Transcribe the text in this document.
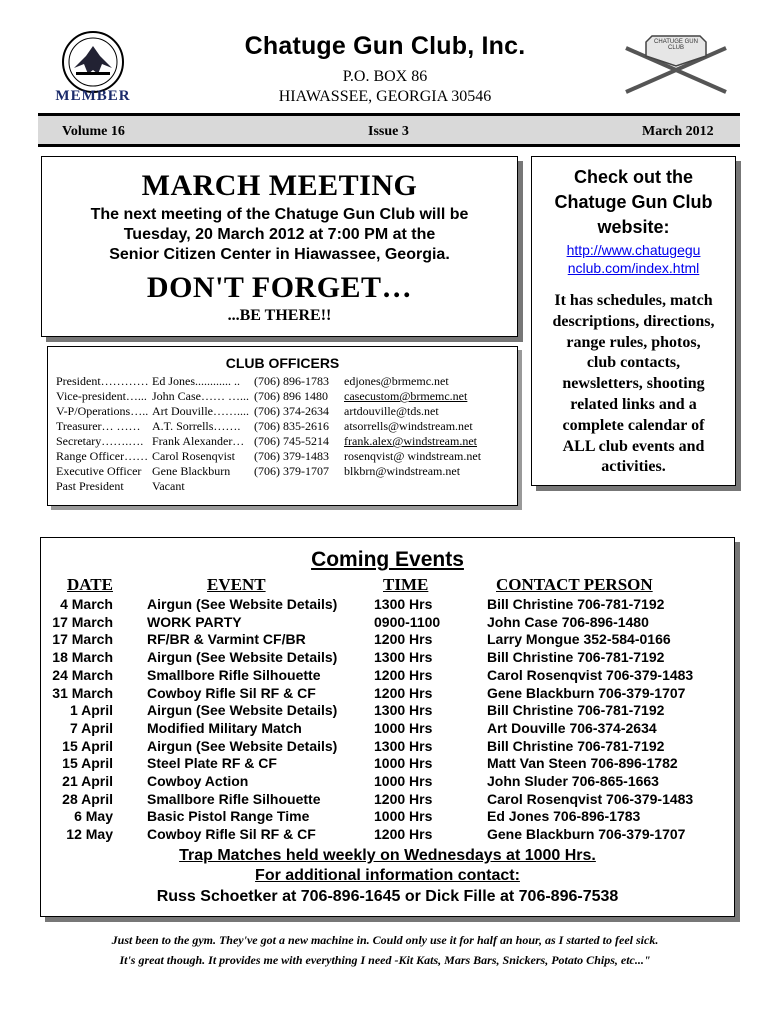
MEMBER
CHATUGE GUN CLUB
Chatuge Gun Club, Inc.
P.O. BOX 86
HIAWASSEE, GEORGIA 30546
Volume 16	Issue 3	March 2012
MARCH MEETING
The next meeting of the Chatuge Gun Club will be
Tuesday, 20 March 2012 at 7:00 PM at the
Senior Citizen Center in Hiawassee, Georgia.
DON'T FORGET…
...BE THERE!!
CLUB OFFICERS
President…………	Ed Jones............ ..	(706) 896-1783	edjones@brmemc.net
Vice-president…...	John Case…… …...	(706) 896 1480	casecustom@brmemc.net
V-P/Operations…..	Art Douville……....	(706) 374-2634	artdouville@tds.net
Treasurer… ……	A.T. Sorrells…….	(706) 835-2616	atsorrells@windstream.net
Secretary…….….	Frank Alexander…	(706) 745-5214	frank.alex@windstream.net
Range Officer……	Carol Rosenqvist	(706) 379-1483	rosenqvist@ windstream.net
Executive Officer	Gene Blackburn	(706) 379-1707	blkbrn@windstream.net
Past President	Vacant		
Check out the
Chatuge Gun Club
website:
http://www.chatugegu
nclub.com/index.html
It has schedules, match
descriptions, directions,
range rules, photos,
club contacts,
newsletters, shooting
related links and a
complete calendar of
ALL club events and
activities.
Coming Events
DATE	EVENT	TIME	CONTACT PERSON
4 March Airgun (See Website Details)	1300 Hrs	Bill Christine 706-781-7192
17 March WORK PARTY	0900-1100	John Case 706-896-1480
17 March RF/BR & Varmint CF/BR	1200 Hrs	Larry Mongue 352-584-0166
18 March Airgun (See Website Details)	1300 Hrs	Bill Christine 706-781-7192
24 March Smallbore Rifle Silhouette	1200 Hrs	Carol Rosenqvist 706-379-1483
31 March Cowboy Rifle Sil RF & CF	1200 Hrs	Gene Blackburn 706-379-1707
1 April Airgun (See Website Details)	1300 Hrs	Bill Christine 706-781-7192
7 April Modified Military Match	1000 Hrs	Art Douville 706-374-2634
15 April Airgun (See Website Details)	1300 Hrs	Bill Christine 706-781-7192
15 April Steel Plate RF & CF	1000 Hrs	Matt Van Steen 706-896-1782
21 April Cowboy Action	1000 Hrs	John Sluder 706-865-1663
28 April Smallbore Rifle Silhouette	1200 Hrs	Carol Rosenqvist 706-379-1483
6 May Basic Pistol Range Time	1000 Hrs	Ed Jones 706-896-1783
12 May Cowboy Rifle Sil RF & CF	1200 Hrs	Gene Blackburn 706-379-1707
Trap Matches held weekly on Wednesdays at 1000 Hrs.
For additional information contact:
Russ Schoetker at 706-896-1645 or Dick Fille at 706-896-7538
Just been to the gym. They've got a new machine in. Could only use it for half an hour, as I started to feel sick.
It's great though. It provides me with everything I need -Kit Kats, Mars Bars, Snickers, Potato Chips, etc..."
